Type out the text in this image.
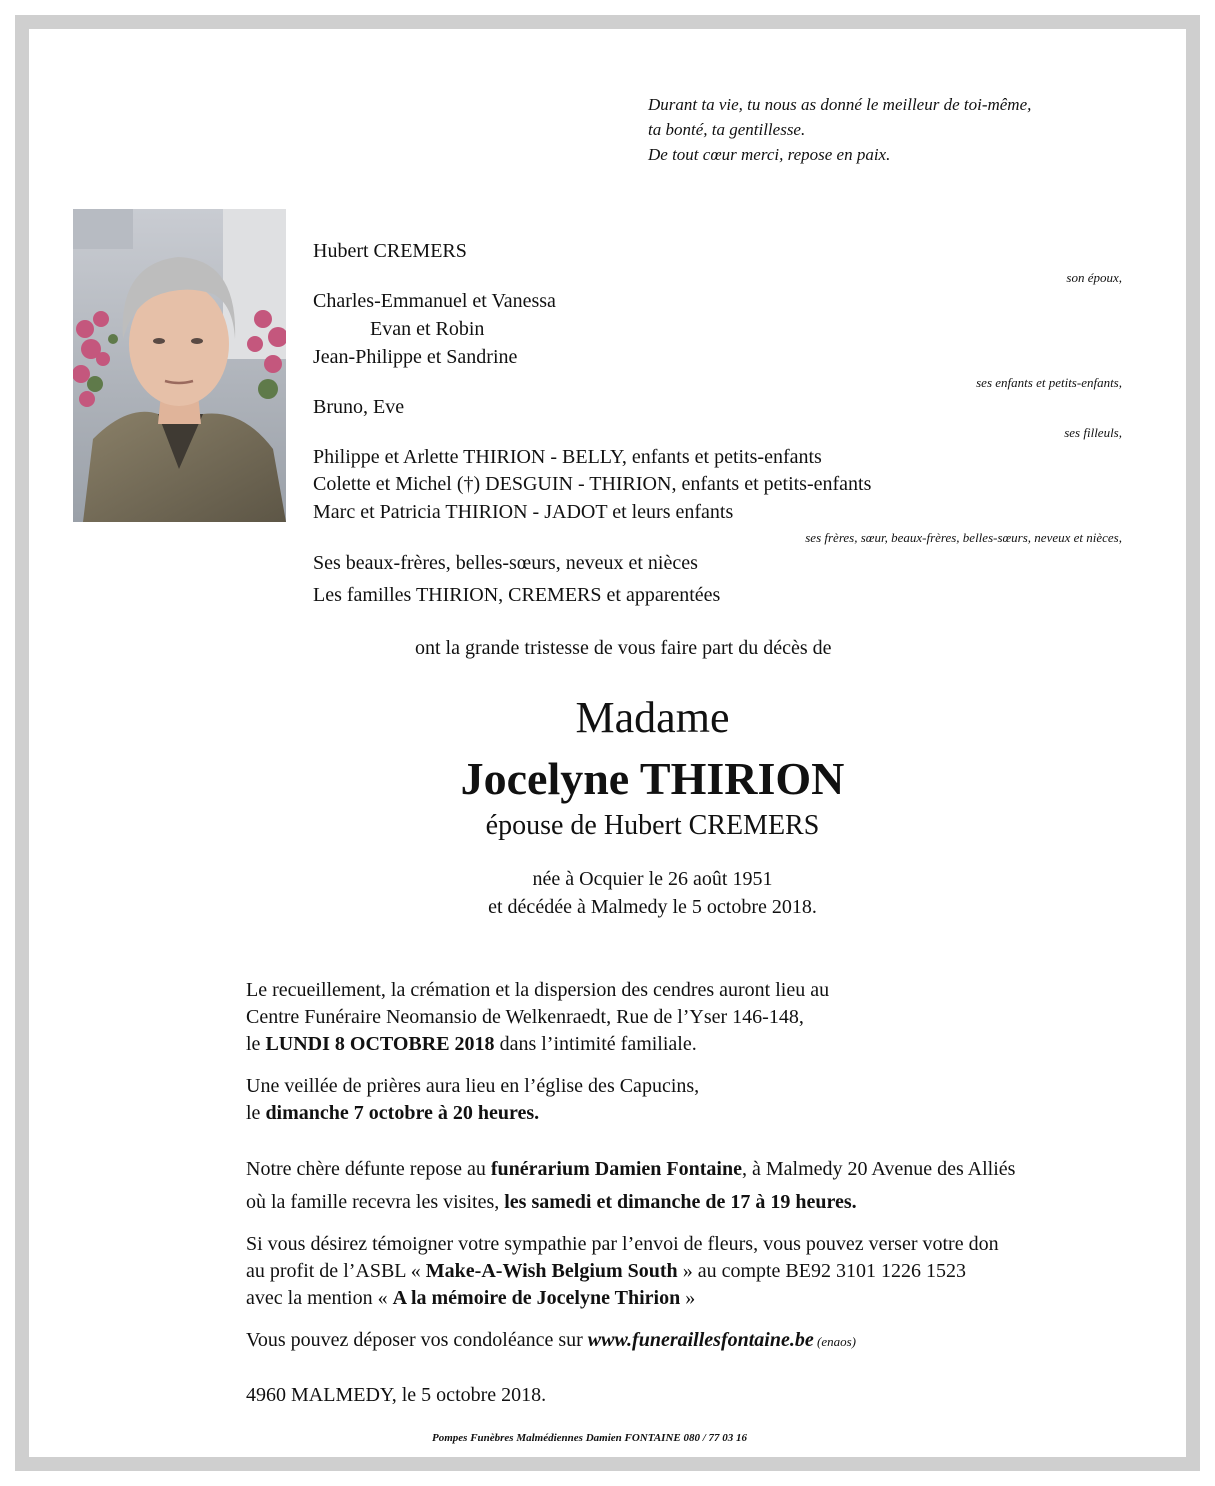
Durant ta vie, tu nous as donné le meilleur de toi-même,
ta bonté, ta gentillesse.
De tout cœur merci, repose en paix.
Hubert CREMERS
son époux,
Charles-Emmanuel et Vanessa
Evan et Robin
Jean-Philippe et Sandrine
ses enfants et petits-enfants,
Bruno, Eve
ses filleuls,
Philippe et Arlette THIRION - BELLY, enfants et petits-enfants
Colette et Michel (†) DESGUIN - THIRION, enfants et petits-enfants
Marc et Patricia THIRION - JADOT et leurs enfants
ses frères, sœur, beaux-frères, belles-sœurs, neveux et nièces,
Ses beaux-frères, belles-sœurs, neveux et nièces
Les familles THIRION, CREMERS et apparentées
ont la grande tristesse de vous faire part du décès de
Madame
Jocelyne THIRION
épouse de Hubert CREMERS
née à Ocquier le 26 août 1951
et décédée à Malmedy le 5 octobre 2018.
Le recueillement, la crémation et la dispersion des cendres auront lieu au
Centre Funéraire Neomansio de Welkenraedt, Rue de l’Yser 146-148,
le LUNDI 8 OCTOBRE 2018 dans l’intimité familiale.
Une veillée de prières aura lieu en l’église des Capucins,
le dimanche 7 octobre à 20 heures.
Notre chère défunte repose au funérarium Damien Fontaine, à Malmedy 20 Avenue des Alliés
où la famille recevra les visites, les samedi et dimanche de 17 à 19 heures.
Si vous désirez témoigner votre sympathie par l’envoi de fleurs, vous pouvez verser votre don
au profit de l’ASBL « Make-A-Wish Belgium South » au compte BE92 3101 1226 1523
avec la mention « A la mémoire de Jocelyne Thirion »
Vous pouvez déposer vos condoléance sur www.funeraillesfontaine.be (enaos)
4960 MALMEDY, le 5 octobre 2018.
Pompes Funèbres Malmédiennes Damien FONTAINE 080 / 77 03 16
